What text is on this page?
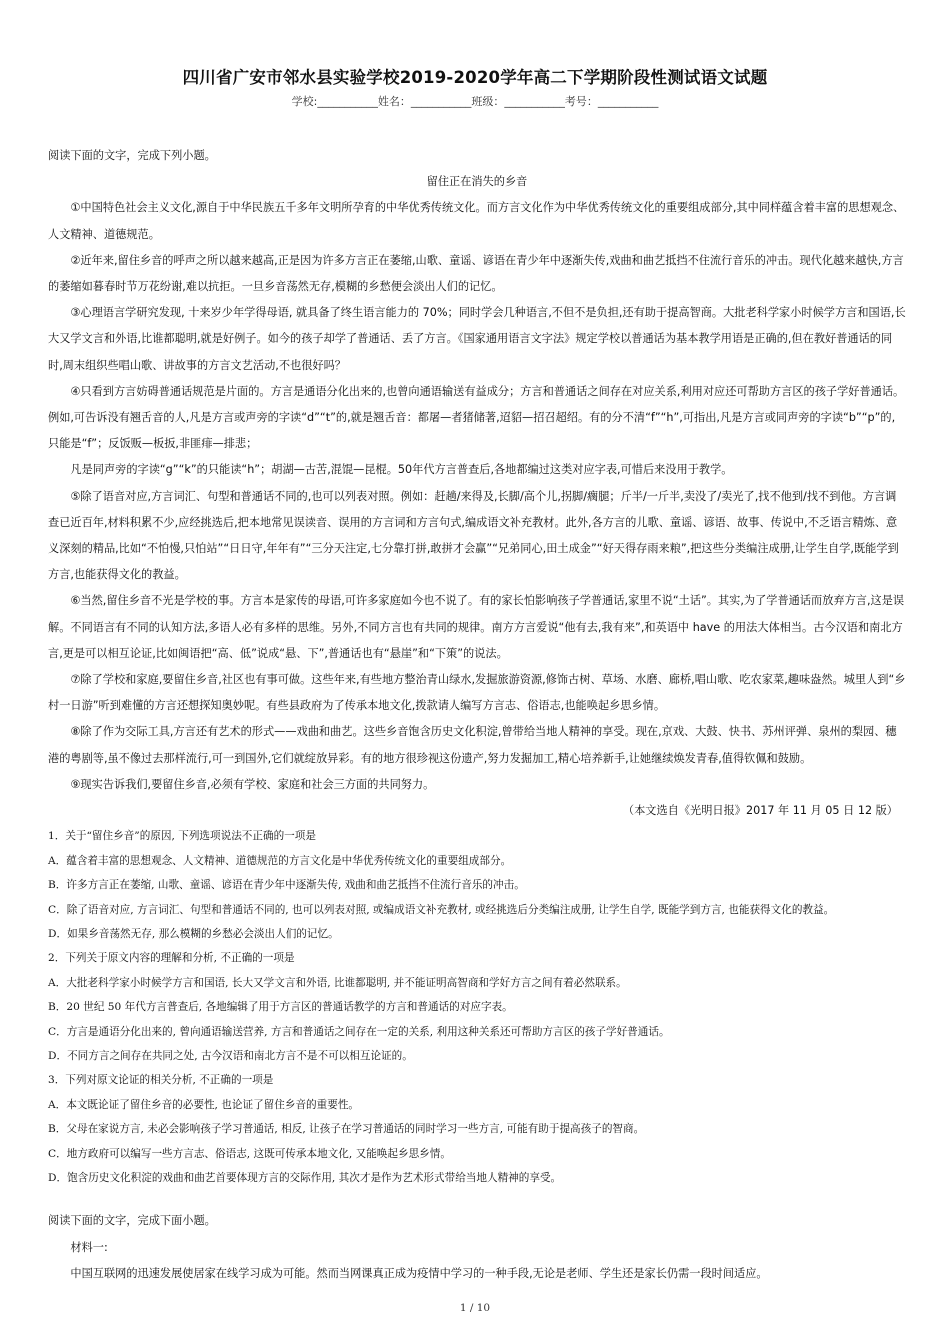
四川省广安市邻水县实验学校2019-2020学年高二下学期阶段性测试语文试题
学校:___________姓名：___________班级：___________考号：___________

阅读下面的文字，完成下列小题。

留住正在消失的乡音

①中国特色社会主义文化,源自于中华民族五千多年文明所孕育的中华优秀传统文化。而方言文化作为中华优秀传统文化的重要组成部分,其中同样蕴含着丰富的思想观念、人文精神、道德规范。

②近年来,留住乡音的呼声之所以越来越高,正是因为许多方言正在萎缩,山歌、童谣、谚语在青少年中逐渐失传,戏曲和曲艺抵挡不住流行音乐的冲击。现代化越来越快,方言的萎缩如暮春时节万花纷谢,难以抗拒。一旦乡音荡然无存,模糊的乡愁便会淡出人们的记忆。

③心理语言学研究发现, 十来岁少年学得母语, 就具备了终生语言能力的 70%；同时学会几种语言,不但不是负担,还有助于提高智商。大批老科学家小时候学方言和国语,长大又学文言和外语,比谁都聪明,就是好例子。如今的孩子却学了普通话、丢了方言。《国家通用语言文字法》规定学校以普通话为基本教学用语是正确的,但在教好普通话的同时,周末组织些唱山歌、讲故事的方言文艺活动,不也很好吗？

④只看到方言妨碍普通话规范是片面的。方言是通语分化出来的,也曾向通语输送有益成分；方言和普通话之间存在对应关系,利用对应还可帮助方言区的孩子学好普通话。例如,可告诉没有翘舌音的人,凡是方言或声旁的字读“d”“t”的,就是翘舌音：都屠—者猪储著,迢貂—招召超绍。有的分不清“f”“h”,可指出,凡是方言或同声旁的字读“b”“p”的,只能是“f”；反饭贩—板扳,非匪痱—排悲；

凡是同声旁的字读“g”“k”的只能读“h”；胡湖—古苦,混馄—昆棍。50年代方言普查后,各地都编过这类对应字表,可惜后来没用于教学。

⑤除了语音对应,方言词汇、句型和普通话不同的,也可以列表对照。例如：赶趟/来得及,长脚/高个儿,拐脚/瘸腿；斤半/一斤半,卖没了/卖光了,找不他到/找不到他。方言调查已近百年,材料积累不少,应经挑选后,把本地常见误读音、误用的方言词和方言句式,编成语文补充教材。此外,各方言的儿歌、童谣、谚语、故事、传说中,不乏语言精炼、意义深刻的精品,比如“不怕慢,只怕站”“日日守,年年有”“三分天注定,七分靠打拼,敢拼才会赢”“兄弟同心,田土成金”“好天得存雨来粮”,把这些分类编注成册,让学生自学,既能学到方言,也能获得文化的教益。

⑥当然,留住乡音不光是学校的事。方言本是家传的母语,可许多家庭如今也不说了。有的家长怕影响孩子学普通话,家里不说“土话”。其实,为了学普通话而放弃方言,这是误解。不同语言有不同的认知方法,多语人必有多样的思维。另外,不同方言也有共同的规律。南方方言爱说“他有去,我有来”,和英语中 have 的用法大体相当。古今汉语和南北方言,更是可以相互论证,比如闽语把“高、低”说成“悬、下”,普通话也有“悬崖”和“下策”的说法。

⑦除了学校和家庭,要留住乡音,社区也有事可做。这些年来,有些地方整治青山绿水,发掘旅游资源,修饰古树、草场、水磨、廊桥,唱山歌、吃农家菜,趣味盎然。城里人到“乡村一日游”听到难懂的方言还想探知奥妙呢。有些县政府为了传承本地文化,拨款请人编写方言志、俗语志,也能唤起乡思乡情。

⑧除了作为交际工具,方言还有艺术的形式——戏曲和曲艺。这些乡音饱含历史文化积淀,曾带给当地人精神的享受。现在,京戏、大鼓、快书、苏州评弹、泉州的梨园、穗港的粤剧等,虽不像过去那样流行,可一到国外,它们就绽放异彩。有的地方很珍视这份遗产,努力发掘加工,精心培养新手,让她继续焕发青春,值得钦佩和鼓励。

⑨现实告诉我们,要留住乡音,必须有学校、家庭和社会三方面的共同努力。

（本文选自《光明日报》2017 年 11 月 05 日 12 版）

1．关于“留住乡音”的原因, 下列选项说法不正确的一项是

A．蕴含着丰富的思想观念、人文精神、道德规范的方言文化是中华优秀传统文化的重要组成部分。

B．许多方言正在萎缩, 山歌、童谣、谚语在青少年中逐渐失传, 戏曲和曲艺抵挡不住流行音乐的冲击。

C．除了语音对应, 方言词汇、句型和普通话不同的, 也可以列表对照, 或编成语文补充教材, 或经挑选后分类编注成册, 让学生自学, 既能学到方言, 也能获得文化的教益。

D．如果乡音荡然无存, 那么模糊的乡愁必会淡出人们的记忆。

2．下列关于原文内容的理解和分析, 不正确的一项是

A．大批老科学家小时候学方言和国语, 长大又学文言和外语, 比谁都聪明, 并不能证明高智商和学好方言之间有着必然联系。

B．20 世纪 50 年代方言普查后, 各地编辑了用于方言区的普通话教学的方言和普通话的对应字表。

C．方言是通语分化出来的, 曾向通语输送营养, 方言和普通话之间存在一定的关系, 利用这种关系还可帮助方言区的孩子学好普通话。

D．不同方言之间存在共同之处, 古今汉语和南北方言不是不可以相互论证的。

3．下列对原文论证的相关分析, 不正确的一项是

A．本文既论证了留住乡音的必要性, 也论证了留住乡音的重要性。

B．父母在家说方言, 未必会影响孩子学习普通话, 相反, 让孩子在学习普通话的同时学习一些方言, 可能有助于提高孩子的智商。

C．地方政府可以编写一些方言志、俗语志, 这既可传承本地文化, 又能唤起乡思乡情。

D．饱含历史文化积淀的戏曲和曲艺首要体现方言的交际作用, 其次才是作为艺术形式带给当地人精神的享受。

阅读下面的文字，完成下面小题。

材料一:

中国互联网的迅速发展使居家在线学习成为可能。然而当网课真正成为疫情中学习的一种手段,无论是老师、学生还是家长仍需一段时间适应。

1 / 10
